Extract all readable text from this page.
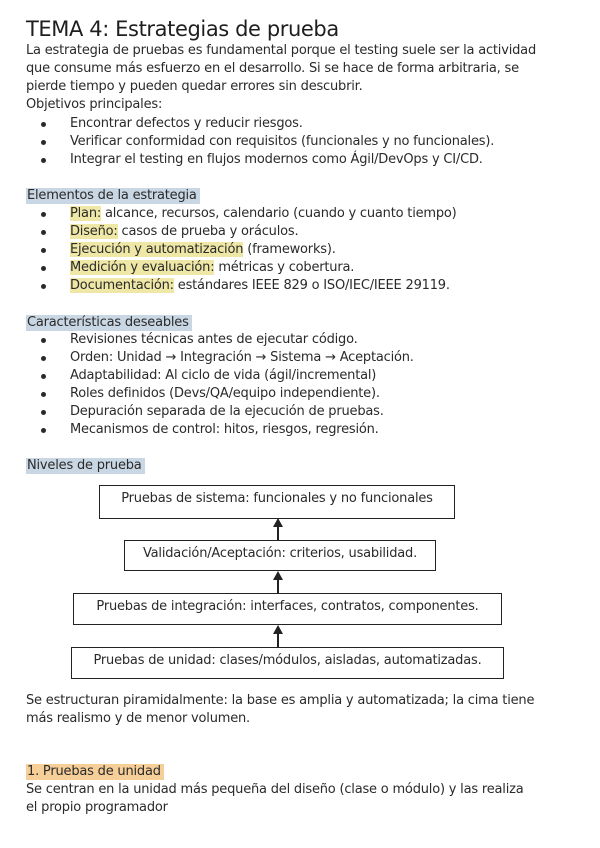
TEMA 4: Estrategias de prueba
La estrategia de pruebas es fundamental porque el testing suele ser la actividad
que consume más esfuerzo en el desarrollo. Si se hace de forma arbitraria, se
pierde tiempo y pueden quedar errores sin descubrir.
Objetivos principales:
Encontrar defectos y reducir riesgos.
Verificar conformidad con requisitos (funcionales y no funcionales).
Integrar el testing en flujos modernos como Ágil/DevOps y CI/CD.
Elementos de la estrategia
Plan: alcance, recursos, calendario (cuando y cuanto tiempo)
Diseño: casos de prueba y oráculos.
Ejecución y automatización (frameworks).
Medición y evaluación: métricas y cobertura.
Documentación: estándares IEEE 829 o ISO/IEC/IEEE 29119.
Características deseables
Revisiones técnicas antes de ejecutar código.
Orden: Unidad → Integración → Sistema → Aceptación.
Adaptabilidad: Al ciclo de vida (ágil/incremental)
Roles definidos (Devs/QA/equipo independiente).
Depuración separada de la ejecución de pruebas.
Mecanismos de control: hitos, riesgos, regresión.
Niveles de prueba
Pruebas de sistema: funcionales y no funcionales
Validación/Aceptación: criterios, usabilidad.
Pruebas de integración: interfaces, contratos, componentes.
Pruebas de unidad: clases/módulos, aisladas, automatizadas.
Se estructuran piramidalmente: la base es amplia y automatizada; la cima tiene
más realismo y de menor volumen.
1. Pruebas de unidad
Se centran en la unidad más pequeña del diseño (clase o módulo) y las realiza
el propio programador
